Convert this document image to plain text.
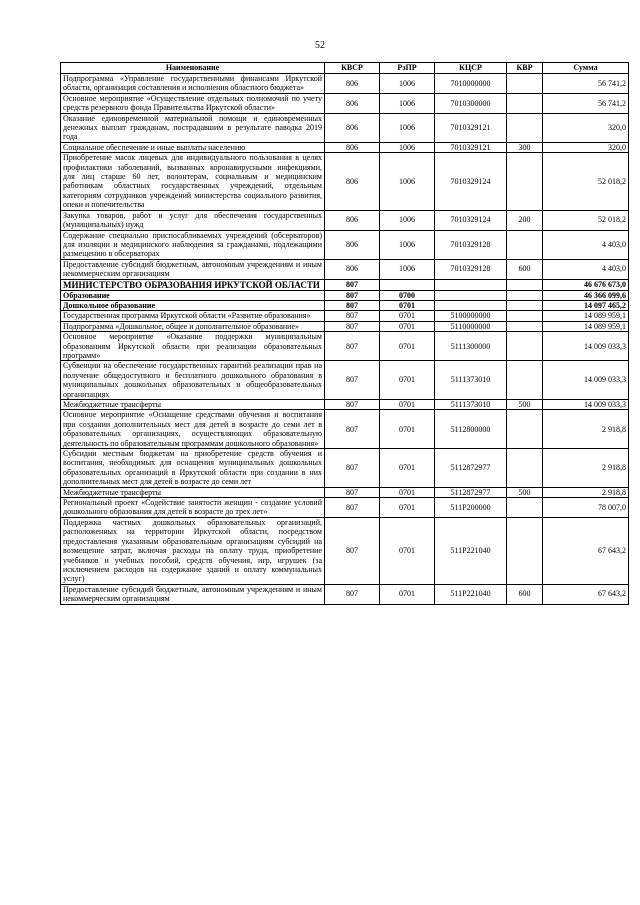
52
Наименование	КВСР	РзПР	КЦСР	КВР	Сумма
Подпрограмма «Управление государственными финансами Иркутской области, организация составления и исполнения областного бюджета»	806	1006	7010000000		56 741,2
Основное мероприятие «Осуществление отдельных полномочий по учету средств резервного фонда Правительства Иркутской области»	806	1006	7010300000		56 741,2
Оказание единовременной материальной помощи и единовременных денежных выплат гражданам, пострадавшим в результате паводка 2019 года	806	1006	7010329121		320,0
Социальное обеспечение и иные выплаты населению	806	1006	7010329121	300	320,0
Приобретение масок лицевых для индивидуального пользования в целях профилактики заболеваний, вызванных коронавирусными инфекциями, для лиц старше 60 лет, волонтерам, социальным и медицинским работникам областных государственных учреждений, отдельным категориям сотрудников учреждений министерства социального развития, опеки и попечительства	806	1006	7010329124		52 018,2
Закупка товаров, работ и услуг для обеспечения государственных (муниципальных) нужд	806	1006	7010329124	200	52 018,2
Содержание специально приспосабливаемых учреждений (обсерваторов) для изоляции и медицинского наблюдения за гражданами, подлежащими размещению в обсерваторах	806	1006	7010329128		4 403,0
Предоставление субсидий бюджетным, автономным учреждениям и иным некоммерческим организациям	806	1006	7010329128	600	4 403,0
МИНИСТЕРСТВО ОБРАЗОВАНИЯ ИРКУТСКОЙ ОБЛАСТИ	807				46 676 673,0
Образование	807	0700			46 366 099,6
Дошкольное образование	807	0701			14 097 465,2
Государственная программа Иркутской области «Развитие образования»	807	0701	5100000000		14 089 959,1
Подпрограмма «Дошкольное, общее и дополнительное образование»	807	0701	5110000000		14 089 959,1
Основное мероприятие «Оказание поддержки муниципальным образованиям Иркутской области при реализации образовательных программ»	807	0701	5111300000		14 009 033,3
Субвенции на обеспечение государственных гарантий реализации прав на получение общедоступного и бесплатного дошкольного образования в муниципальных дошкольных образовательных и общеобразовательных организациях	807	0701	5111373010		14 009 033,3
Межбюджетные трансферты	807	0701	5111373010	500	14 009 033,3
Основное мероприятие «Оснащение средствами обучения и воспитания при создании дополнительных мест для детей в возрасте до семи лет в образовательных организациях, осуществляющих образовательную деятельность по образовательным программам дошкольного образования»	807	0701	5112800000		2 918,8
Субсидии местным бюджетам на приобретение средств обучения и воспитания, необходимых для оснащения муниципальных дошкольных образовательных организаций в Иркутской области при создании в них дополнительных мест для детей в возрасте до семи лет	807	0701	5112872977		2 918,8
Межбюджетные трансферты	807	0701	5112872977	500	2 918,8
Региональный проект «Содействие занятости женщин - создание условий дошкольного образования для детей в возрасте до трех лет»	807	0701	511P200000		78 007,0
Поддержка частных дошкольных образовательных организаций, расположенных на территории Иркутской области, посредством предоставления указанным образовательным организациям субсидий на возмещение затрат, включая расходы на оплату труда, приобретение учебников и учебных пособий, средств обучения, игр, игрушек (за исключением расходов на содержание зданий и оплату коммунальных услуг)	807	0701	511P221040		67 643,2
Предоставление субсидий бюджетным, автономным учреждениям и иным некоммерческим организациям	807	0701	511P221040	600	67 643,2
